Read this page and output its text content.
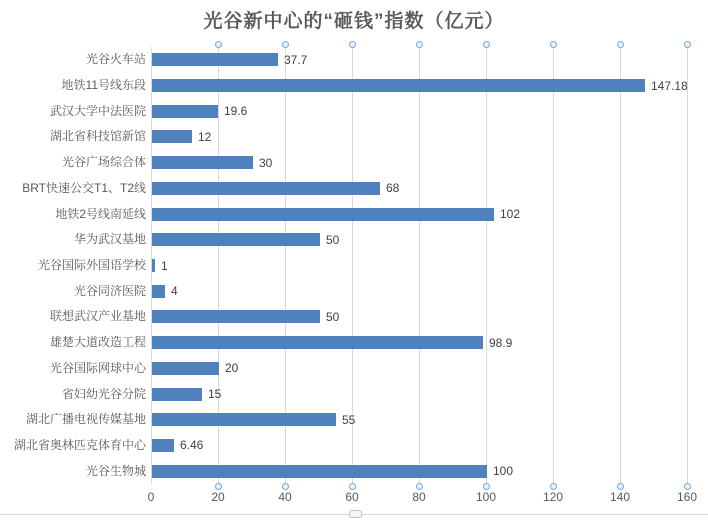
光谷新中心的“砸钱”指数（亿元）
0	20	40	60	80	100	120	140	160
光谷火车站	37.7
地铁11号线东段	147.18
武汉大学中法医院	19.6
湖北省科技馆新馆	12
光谷广场综合体	30
BRT快速公交T1、T2线	68
地铁2号线南延线	102
华为武汉基地	50
光谷国际外国语学校 1
光谷同济医院 4
联想武汉产业基地	50
雄楚大道改造工程	98.9
光谷国际网球中心	20
省妇幼光谷分院	15
湖北广播电视传媒基地	55
湖北省奥林匹克体育中心	6.46
光谷生物城	100
